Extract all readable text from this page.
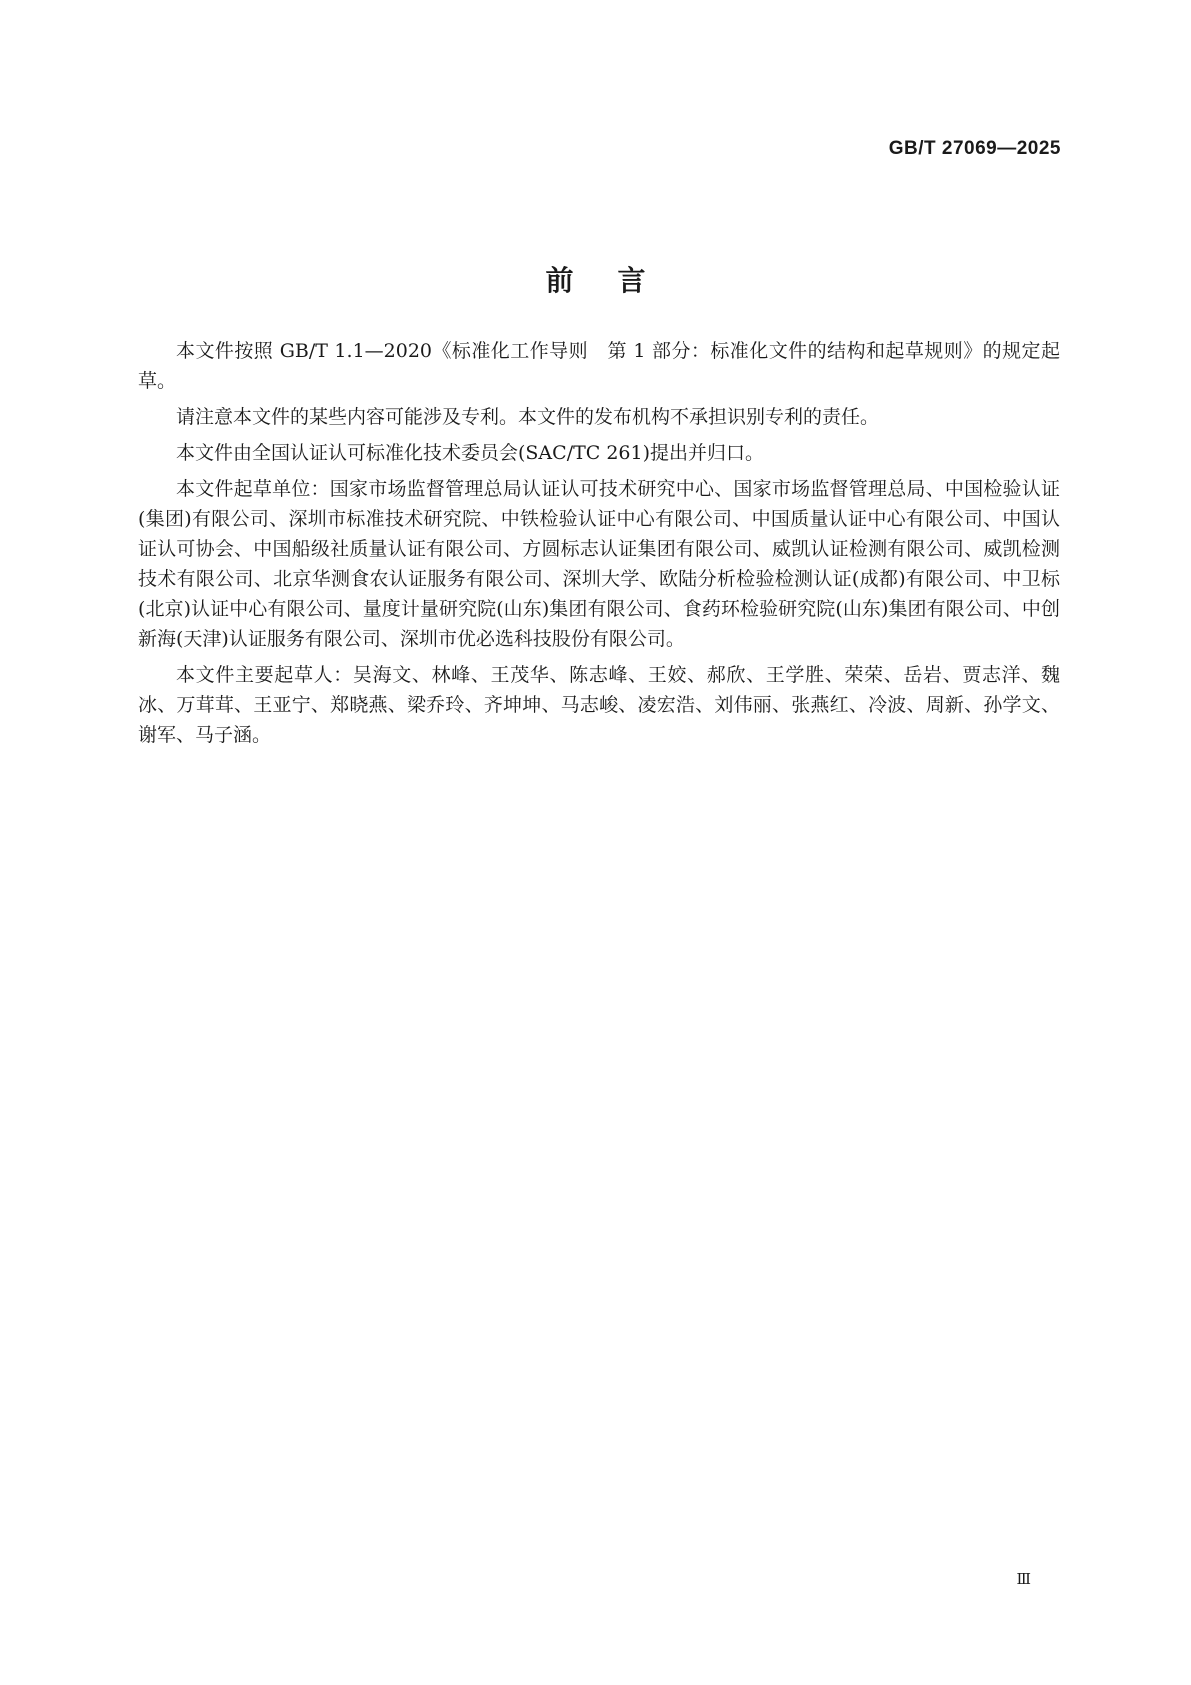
GB/T 27069—2025
前言

本文件按照 GB/T 1.1—2020《标准化工作导则　第 1 部分：标准化文件的结构和起草规则》的规定起草。

请注意本文件的某些内容可能涉及专利。本文件的发布机构不承担识别专利的责任。

本文件由全国认证认可标准化技术委员会(SAC/TC 261)提出并归口。

本文件起草单位：国家市场监督管理总局认证认可技术研究中心、国家市场监督管理总局、中国检验认证(集团)有限公司、深圳市标准技术研究院、中铁检验认证中心有限公司、中国质量认证中心有限公司、中国认证认可协会、中国船级社质量认证有限公司、方圆标志认证集团有限公司、威凯认证检测有限公司、威凯检测技术有限公司、北京华测食农认证服务有限公司、深圳大学、欧陆分析检验检测认证(成都)有限公司、中卫标(北京)认证中心有限公司、量度计量研究院(山东)集团有限公司、食药环检验研究院(山东)集团有限公司、中创新海(天津)认证服务有限公司、深圳市优必选科技股份有限公司。

本文件主要起草人：吴海文、林峰、王茂华、陈志峰、王姣、郝欣、王学胜、荣荣、岳岩、贾志洋、魏冰、万茸茸、王亚宁、郑晓燕、梁乔玲、齐坤坤、马志峻、凌宏浩、刘伟丽、张燕红、冷波、周新、孙学文、谢军、马子涵。

Ⅲ
